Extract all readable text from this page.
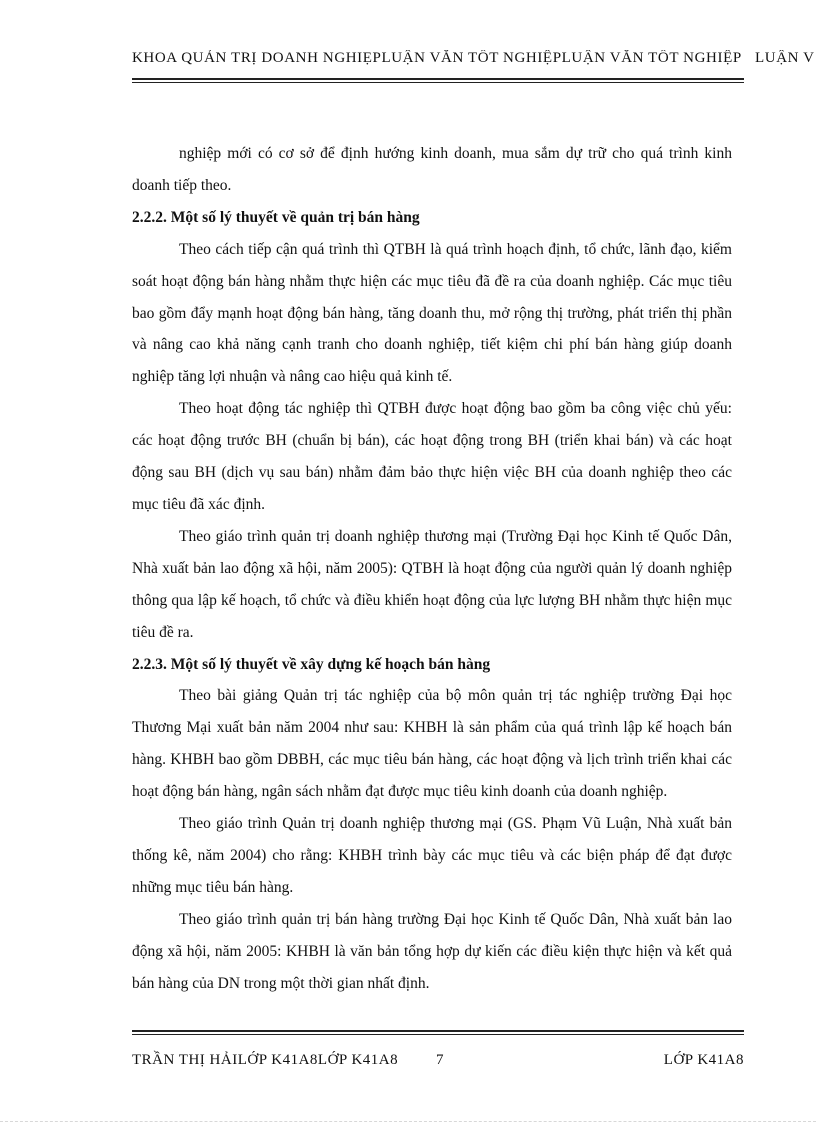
KHOA QUẢN TRỊ DOANH NGHIẸPLUẬN VĂN TỐT NGHIỆPLUẬN VĂN TỐT NGHIỆP LUẬN V

nghiệp mới có cơ sở để định hướng kinh doanh, mua sắm dự trữ cho quá trình kinh doanh tiếp theo.

2.2.2. Một số lý thuyết về quản trị bán hàng

Theo cách tiếp cận quá trình thì QTBH là quá trình hoạch định, tổ chức, lãnh đạo, kiểm soát hoạt động bán hàng nhằm thực hiện các mục tiêu đã đề ra của doanh nghiệp. Các mục tiêu bao gồm đẩy mạnh hoạt động bán hàng, tăng doanh thu, mở rộng thị trường, phát triển thị phần và nâng cao khả năng cạnh tranh cho doanh nghiệp, tiết kiệm chi phí bán hàng giúp doanh nghiệp tăng lợi nhuận và nâng cao hiệu quả kinh tế.

Theo hoạt động tác nghiệp thì QTBH được hoạt động bao gồm ba công việc chủ yếu: các hoạt động trước BH (chuẩn bị bán), các hoạt động trong BH (triển khai bán) và các hoạt động sau BH (dịch vụ sau bán) nhằm đảm bảo thực hiện việc BH của doanh nghiệp theo các mục tiêu đã xác định.

Theo giáo trình quản trị doanh nghiệp thương mại (Trường Đại học Kinh tế Quốc Dân, Nhà xuất bản lao động xã hội, năm 2005): QTBH là hoạt động của người quản lý doanh nghiệp thông qua lập kế hoạch, tổ chức và điều khiển hoạt động của lực lượng BH nhằm thực hiện mục tiêu đề ra.

2.2.3. Một số lý thuyết về xây dựng kế hoạch bán hàng

Theo bài giảng Quản trị tác nghiệp của bộ môn quản trị tác nghiệp trường Đại học Thương Mại xuất bản năm 2004 như sau: KHBH là sản phẩm của quá trình lập kế hoạch bán hàng. KHBH bao gồm DBBH, các mục tiêu bán hàng, các hoạt động và lịch trình triển khai các hoạt động bán hàng, ngân sách nhằm đạt được mục tiêu kinh doanh của doanh nghiệp.

Theo giáo trình Quản trị doanh nghiệp thương mại (GS. Phạm Vũ Luận, Nhà xuất bản thống kê, năm 2004) cho rằng: KHBH trình bày các mục tiêu và các biện pháp để đạt được những mục tiêu bán hàng.

Theo giáo trình quản trị bán hàng trường Đại học Kinh tế Quốc Dân, Nhà xuất bản lao động xã hội, năm 2005: KHBH là văn bản tổng hợp dự kiến các điều kiện thực hiện và kết quả bán hàng của DN trong một thời gian nhất định.

TRẦN THỊ HẢILỚP K41A8LỚP K41A8	7	LỚP K41A8
